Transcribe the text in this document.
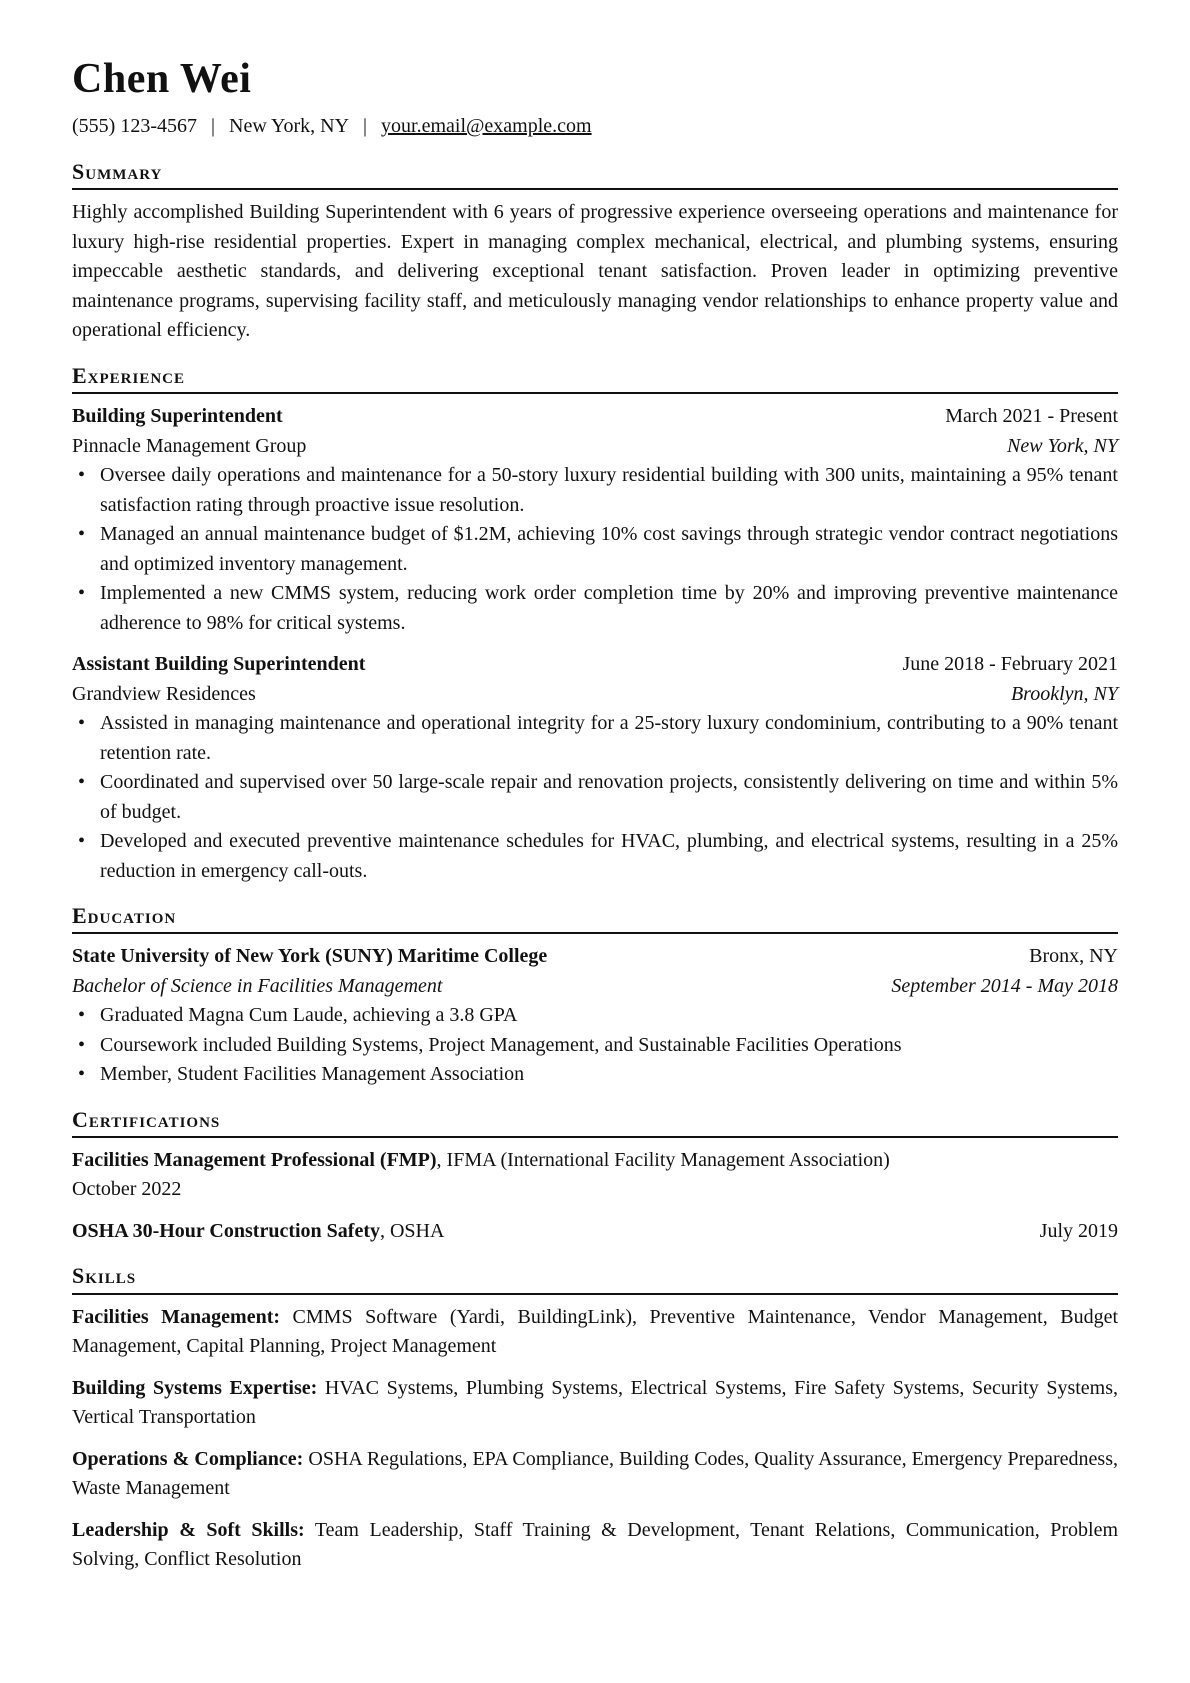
Chen Wei
(555) 123-4567 | New York, NY | your.email@example.com
Summary
Highly accomplished Building Superintendent with 6 years of progressive experience overseeing operations and maintenance for luxury high-rise residential properties. Expert in managing complex mechanical, electrical, and plumbing systems, ensuring impeccable aesthetic standards, and delivering exceptional tenant satisfaction. Proven leader in optimizing preventive maintenance programs, supervising facility staff, and meticulously managing vendor relationships to enhance property value and operational efficiency.
Experience
Building Superintendent	March 2021 - Present
Pinnacle Management Group	New York, NY
• Oversee daily operations and maintenance for a 50-story luxury residential building with 300 units, maintaining a 95% tenant satisfaction rating through proactive issue resolution.
• Managed an annual maintenance budget of $1.2M, achieving 10% cost savings through strategic vendor contract negotiations and optimized inventory management.
• Implemented a new CMMS system, reducing work order completion time by 20% and improving preventive maintenance adherence to 98% for critical systems.
Assistant Building Superintendent	June 2018 - February 2021
Grandview Residences	Brooklyn, NY
• Assisted in managing maintenance and operational integrity for a 25-story luxury condominium, contributing to a 90% tenant retention rate.
• Coordinated and supervised over 50 large-scale repair and renovation projects, consistently delivering on time and within 5% of budget.
• Developed and executed preventive maintenance schedules for HVAC, plumbing, and electrical systems, resulting in a 25% reduction in emergency call-outs.
Education
State University of New York (SUNY) Maritime College	Bronx, NY
Bachelor of Science in Facilities Management	September 2014 - May 2018
• Graduated Magna Cum Laude, achieving a 3.8 GPA
• Coursework included Building Systems, Project Management, and Sustainable Facilities Operations
• Member, Student Facilities Management Association
Certifications
Facilities Management Professional (FMP), IFMA (International Facility Management Association)
October 2022
OSHA 30-Hour Construction Safety, OSHA	July 2019
Skills
Facilities Management: CMMS Software (Yardi, BuildingLink), Preventive Maintenance, Vendor Management, Budget Management, Capital Planning, Project Management
Building Systems Expertise: HVAC Systems, Plumbing Systems, Electrical Systems, Fire Safety Systems, Security Systems, Vertical Transportation
Operations & Compliance: OSHA Regulations, EPA Compliance, Building Codes, Quality Assurance, Emergency Preparedness, Waste Management
Leadership & Soft Skills: Team Leadership, Staff Training & Development, Tenant Relations, Communication, Problem Solving, Conflict Resolution
